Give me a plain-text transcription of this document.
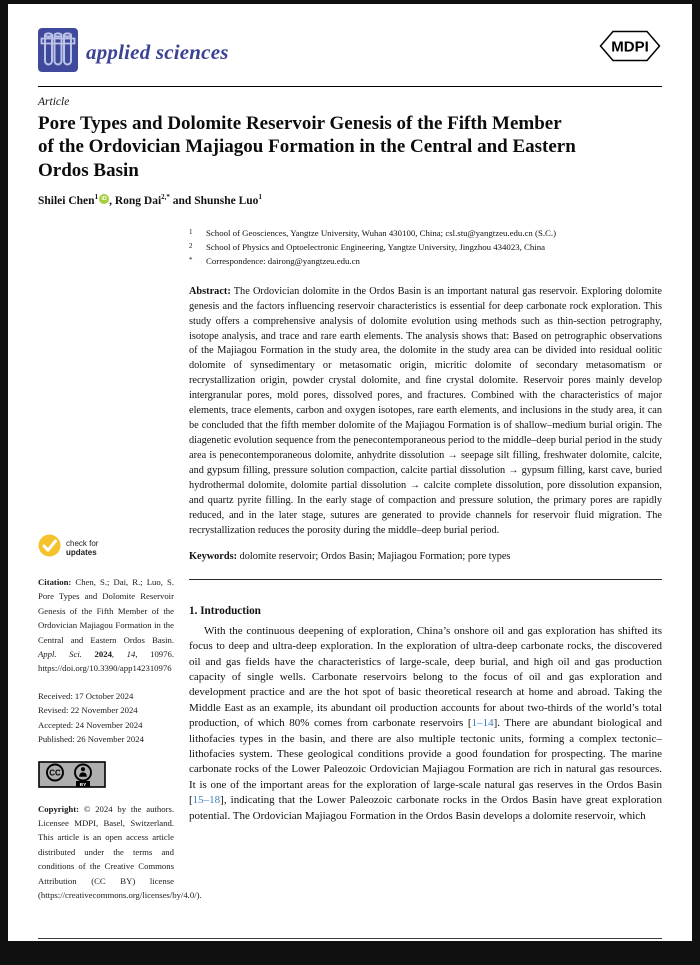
applied sciences	MDPI
Article
Pore Types and Dolomite Reservoir Genesis of the Fifth Member
of the Ordovician Majiagou Formation in the Central and Eastern
Ordos Basin
Shilei Chen$^1$ iD , Rong Dai$^{2,*}$ and Shunshe Luo$^1$
check for
updates
Citation: Chen, S.; Dai, R.; Luo, S. Pore Types and Dolomite Reservoir Genesis of the Fifth Member of the Ordovician Majiagou Formation in the Central and Eastern Ordos Basin. Appl. Sci. 2024, 14, 10976. https://doi.org/10.3390/app142310976
Received: 17 October 2024
Revised: 22 November 2024
Accepted: 24 November 2024
Published: 26 November 2024
CC
BY
Copyright: © 2024 by the authors. Licensee MDPI, Basel, Switzerland. This article is an open access article distributed under the terms and conditions of the Creative Commons Attribution (CC BY) license (https://creativecommons.org/licenses/by/4.0/).
1	School of Geosciences, Yangtze University, Wuhan 430100, China; csl.stu@yangtzeu.edu.cn (S.C.)
2	School of Physics and Optoelectronic Engineering, Yangtze University, Jingzhou 434023, China
*	Correspondence: dairong@yangtzeu.edu.cn
Abstract: The Ordovician dolomite in the Ordos Basin is an important natural gas reservoir. Exploring dolomite genesis and the factors influencing reservoir characteristics is essential for deep carbonate rock exploration. This study offers a comprehensive analysis of dolomite evolution using methods such as thin-section petrography, isotope analysis, and trace and rare earth elements. The analysis shows that: Based on petrographic observations of the Majiagou Formation in the study area, the dolomite in the study area can be divided into residual oolitic dolomite of synsedimentary or metasomatic origin, micritic dolomite of secondary metasomatism or recrystallization origin, powder crystal dolomite, and fine crystal dolomite. Reservoir pores mainly develop intergranular pores, mold pores, dissolved pores, and fractures. Combined with the characteristics of major elements, trace elements, carbon and oxygen isotopes, rare earth elements, and inclusions in the study area, it can be concluded that the fifth member dolomite of the Majiagou Formation is of shallow–medium burial origin. The diagenetic evolution sequence from the penecontemporaneous period to the middle–deep burial period in the study area is penecontemporaneous dolomite, anhydrite dissolution → seepage silt filling, freshwater dolomite, calcite, and gypsum filling, pressure solution compaction, calcite partial dissolution → gypsum filling, karst cave, buried hydrothermal dolomite, dolomite partial dissolution → calcite complete dissolution, pore dissolution expansion, and quartz pyrite filling. In the early stage of compaction and pressure solution, the primary pores are rapidly reduced, and in the later stage, sutures are generated to provide channels for reservoir fluid migration. The recrystallization reduces the porosity during the middle–deep burial period.
Keywords: dolomite reservoir; Ordos Basin; Majiagou Formation; pore types
1. Introduction
With the continuous deepening of exploration, China’s onshore oil and gas exploration has shifted its focus to deep and ultra-deep exploration. In the exploration of ultra-deep carbonate rocks, the discovered oil and gas fields have the characteristics of large-scale, deep burial, and high oil and gas production capacity of single wells. Carbonate reservoirs belong to the focus of oil and gas exploration and development practice and are the hot spot of basic theoretical research at home and abroad. Taking the Middle East as an example, its abundant oil production accounts for about two-thirds of the world’s total production, of which 80% comes from carbonate reservoirs [1–14]. There are abundant biological and lithofacies types in the basin, and there are also multiple tectonic units, forming a complex tectonic–lithofacies system. These geological conditions provide a good foundation for prospecting. The marine carbonate rocks of the Lower Paleozoic Ordovician Majiagou Formation are rich in natural gas resources. It is one of the important areas for the exploration of large-scale natural gas reserves in the Ordos Basin [15–18], indicating that the Lower Paleozoic carbonate rocks in the Ordos Basin have great exploration potential. The Ordovician Majiagou Formation in the Ordos Basin develops a dolomite reservoir, which
Appl. Sci. 2024, 14, 10976. https://doi.org/10.3390/app142310976	https://www.mdpi.com/journal/applsci
